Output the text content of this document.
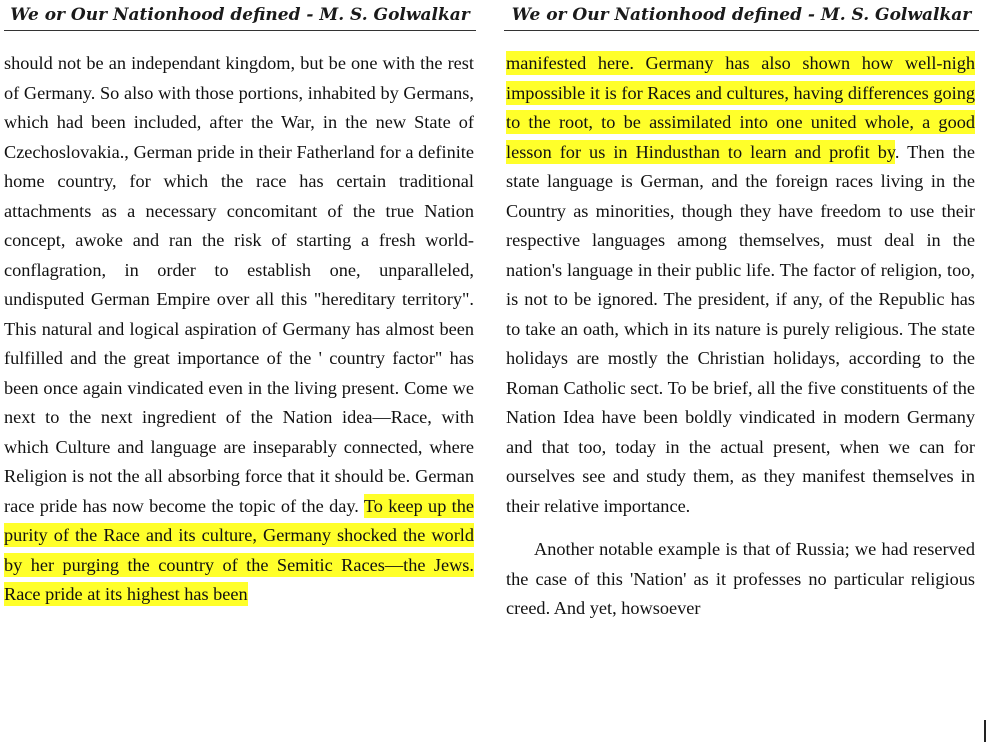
We or Our Nationhood defined - M. S. Golwalkar

should not be an independant kingdom, but be one with the rest of Germany. So also with those portions, inhabited by Germans, which had been included, after the War, in the new State of Czechoslovakia., German pride in their Fatherland for a definite home country, for which the race has certain traditional attachments as a necessary concomitant of the true Nation concept, awoke and ran the risk of starting a fresh world-conflagration, in order to establish one, unparalleled, undisputed German Empire over all this "hereditary territory". This natural and logical aspiration of Germany has almost been fulfilled and the great importance of the ' country factor" has been once again vindicated even in the living present. Come we next to the next ingredient of the Nation idea—Race, with which Culture and language are inseparably connected, where Religion is not the all absorbing force that it should be. German race pride has now become the topic of the day. To keep up the purity of the Race and its culture, Germany shocked the world by her purging the country of the Semitic Races—the Jews. Race pride at its highest has been

We or Our Nationhood defined - M. S. Golwalkar

manifested here. Germany has also shown how well-nigh impossible it is for Races and cultures, having differences going to the root, to be assimilated into one united whole, a good lesson for us in Hindusthan to learn and profit by. Then the state language is German, and the foreign races living in the Country as minorities, though they have freedom to use their respective languages among themselves, must deal in the nation's language in their public life. The factor of religion, too, is not to be ignored. The president, if any, of the Republic has to take an oath, which in its nature is purely religious. The state holidays are mostly the Christian holidays, according to the Roman Catholic sect. To be brief, all the five constituents of the Nation Idea have been boldly vindicated in modern Germany and that too, today in the actual present, when we can for ourselves see and study them, as they manifest themselves in their relative importance.

Another notable example is that of Russia; we had reserved the case of this 'Nation' as it professes no particular religious creed. And yet, howsoever
